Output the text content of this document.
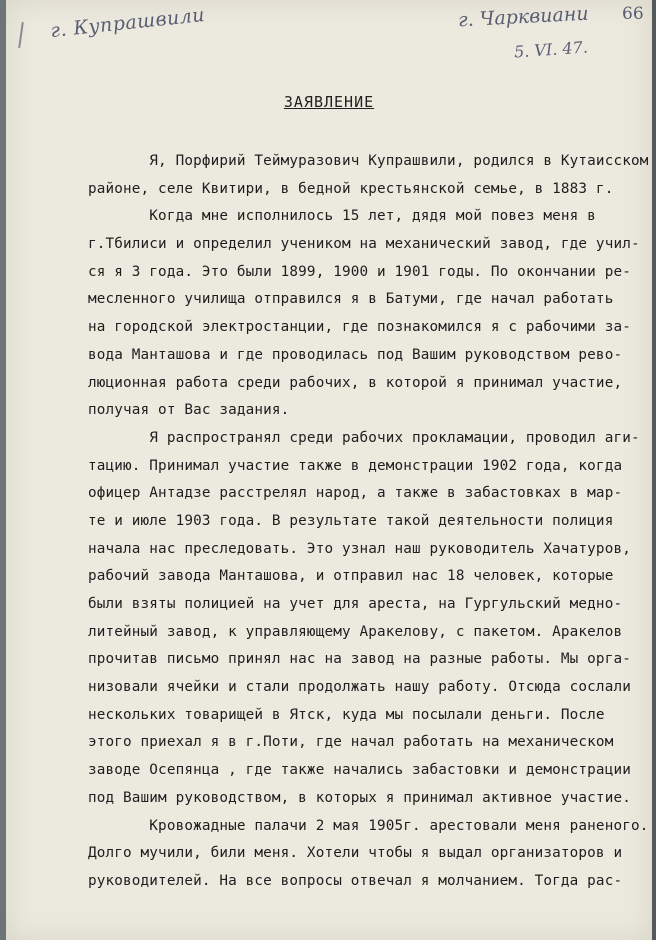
г. Купрашвили	г. Чарквиани 66
5. VI. 47.
ЗАЯВЛЕНИЕ
Я, Порфирий Теймуразович Купрашвили, родился в Кутаисском
районе, селе Квитири, в бедной крестьянской семье, в 1883 г.
Когда мне исполнилось 15 лет, дядя мой повез меня в
г.Тбилиси и определил учеником на механический завод, где учил-
ся я 3 года. Это были 1899, 1900 и 1901 годы. По окончании ре-
месленного училища отправился я в Батуми, где начал работать
на городской электростанции, где познакомился я с рабочими за-
вода Манташова и где проводилась под Вашим руководством рево-
люционная работа среди рабочих, в которой я принимал участие,
получая от Вас задания.
Я распространял среди рабочих прокламации, проводил аги-
тацию. Принимал участие также в демонстрации 1902 года, когда
офицер Антадзе расстрелял народ, а также в забастовках в мар-
те и июле 1903 года. В результате такой деятельности полиция
начала нас преследовать. Это узнал наш руководитель Хачатуров,
рабочий завода Манташова, и отправил нас 18 человек, которые
были взяты полицией на учет для ареста, на Гургульский медно-
литейный завод, к управляющему Аракелову, с пакетом. Аракелов
прочитав письмо принял нас на завод на разные работы. Мы орга-
низовали ячейки и стали продолжать нашу работу. Отсюда сослали
нескольких товарищей в Ятск, куда мы посылали деньги. После
этого приехал я в г.Поти, где начал работать на механическом
заводе Осепянца , где также начались забастовки и демонстрации
под Вашим руководством, в которых я принимал активное участие.
Кровожадные палачи 2 мая 1905г. арестовали меня раненого.
Долго мучили, били меня. Хотели чтобы я выдал организаторов и
руководителей. На все вопросы отвечал я молчанием. Тогда рас-
